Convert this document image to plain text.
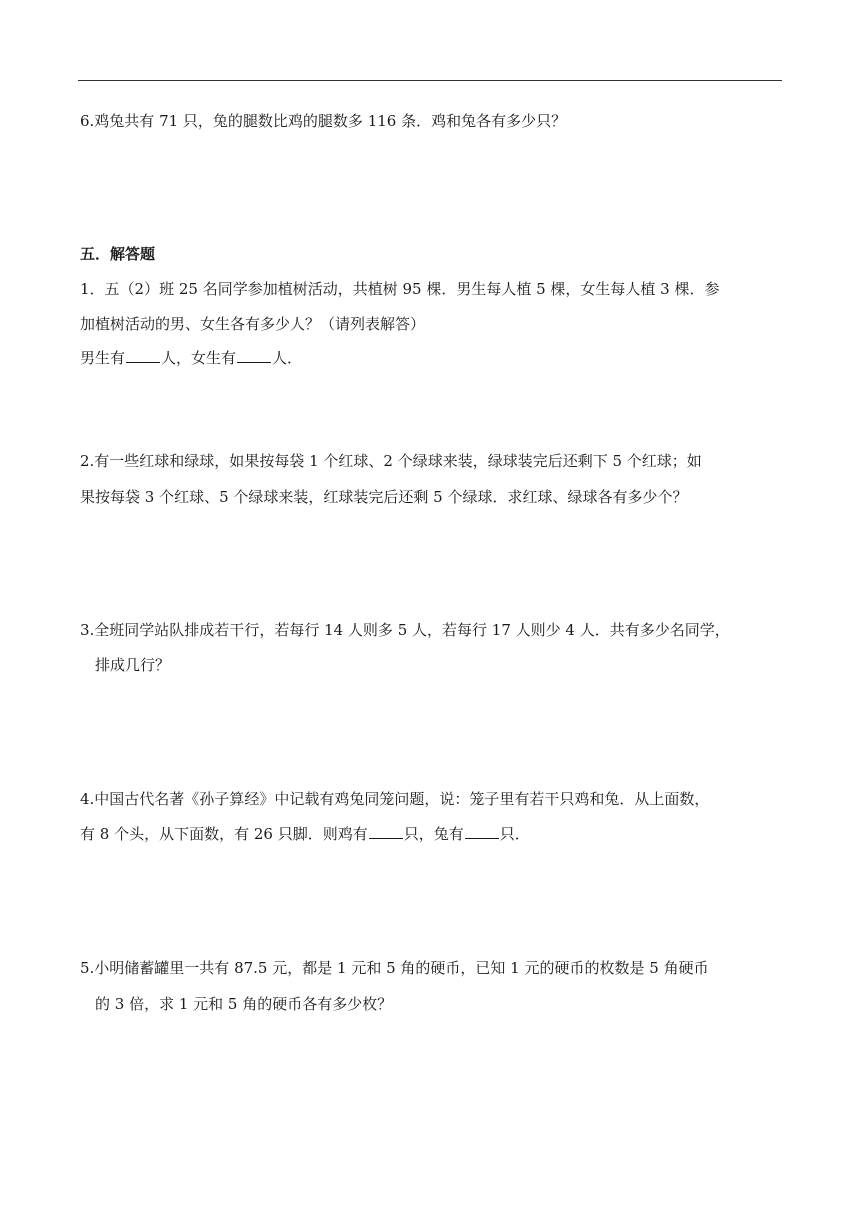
6.鸡兔共有 71 只，兔的腿数比鸡的腿数多 116 条．鸡和兔各有多少只？
五．解答题
1．五（2）班 25 名同学参加植树活动，共植树 95 棵．男生每人植 5 棵，女生每人植 3 棵．参
加植树活动的男、女生各有多少人？（请列表解答）
男生有 人，女生有 人．
2.有一些红球和绿球，如果按每袋 1 个红球、2 个绿球来装，绿球装完后还剩下 5 个红球；如
果按每袋 3 个红球、5 个绿球来装，红球装完后还剩 5 个绿球．求红球、绿球各有多少个？
3.全班同学站队排成若干行，若每行 14 人则多 5 人，若每行 17 人则少 4 人．共有多少名同学，
排成几行？
4.中国古代名著《孙子算经》中记载有鸡兔同笼问题，说：笼子里有若干只鸡和兔．从上面数，
有 8 个头，从下面数，有 26 只脚．则鸡有 只，兔有 只．
5.小明储蓄罐里一共有 87.5 元，都是 1 元和 5 角的硬币，已知 1 元的硬币的枚数是 5 角硬币
的 3 倍，求 1 元和 5 角的硬币各有多少枚？
